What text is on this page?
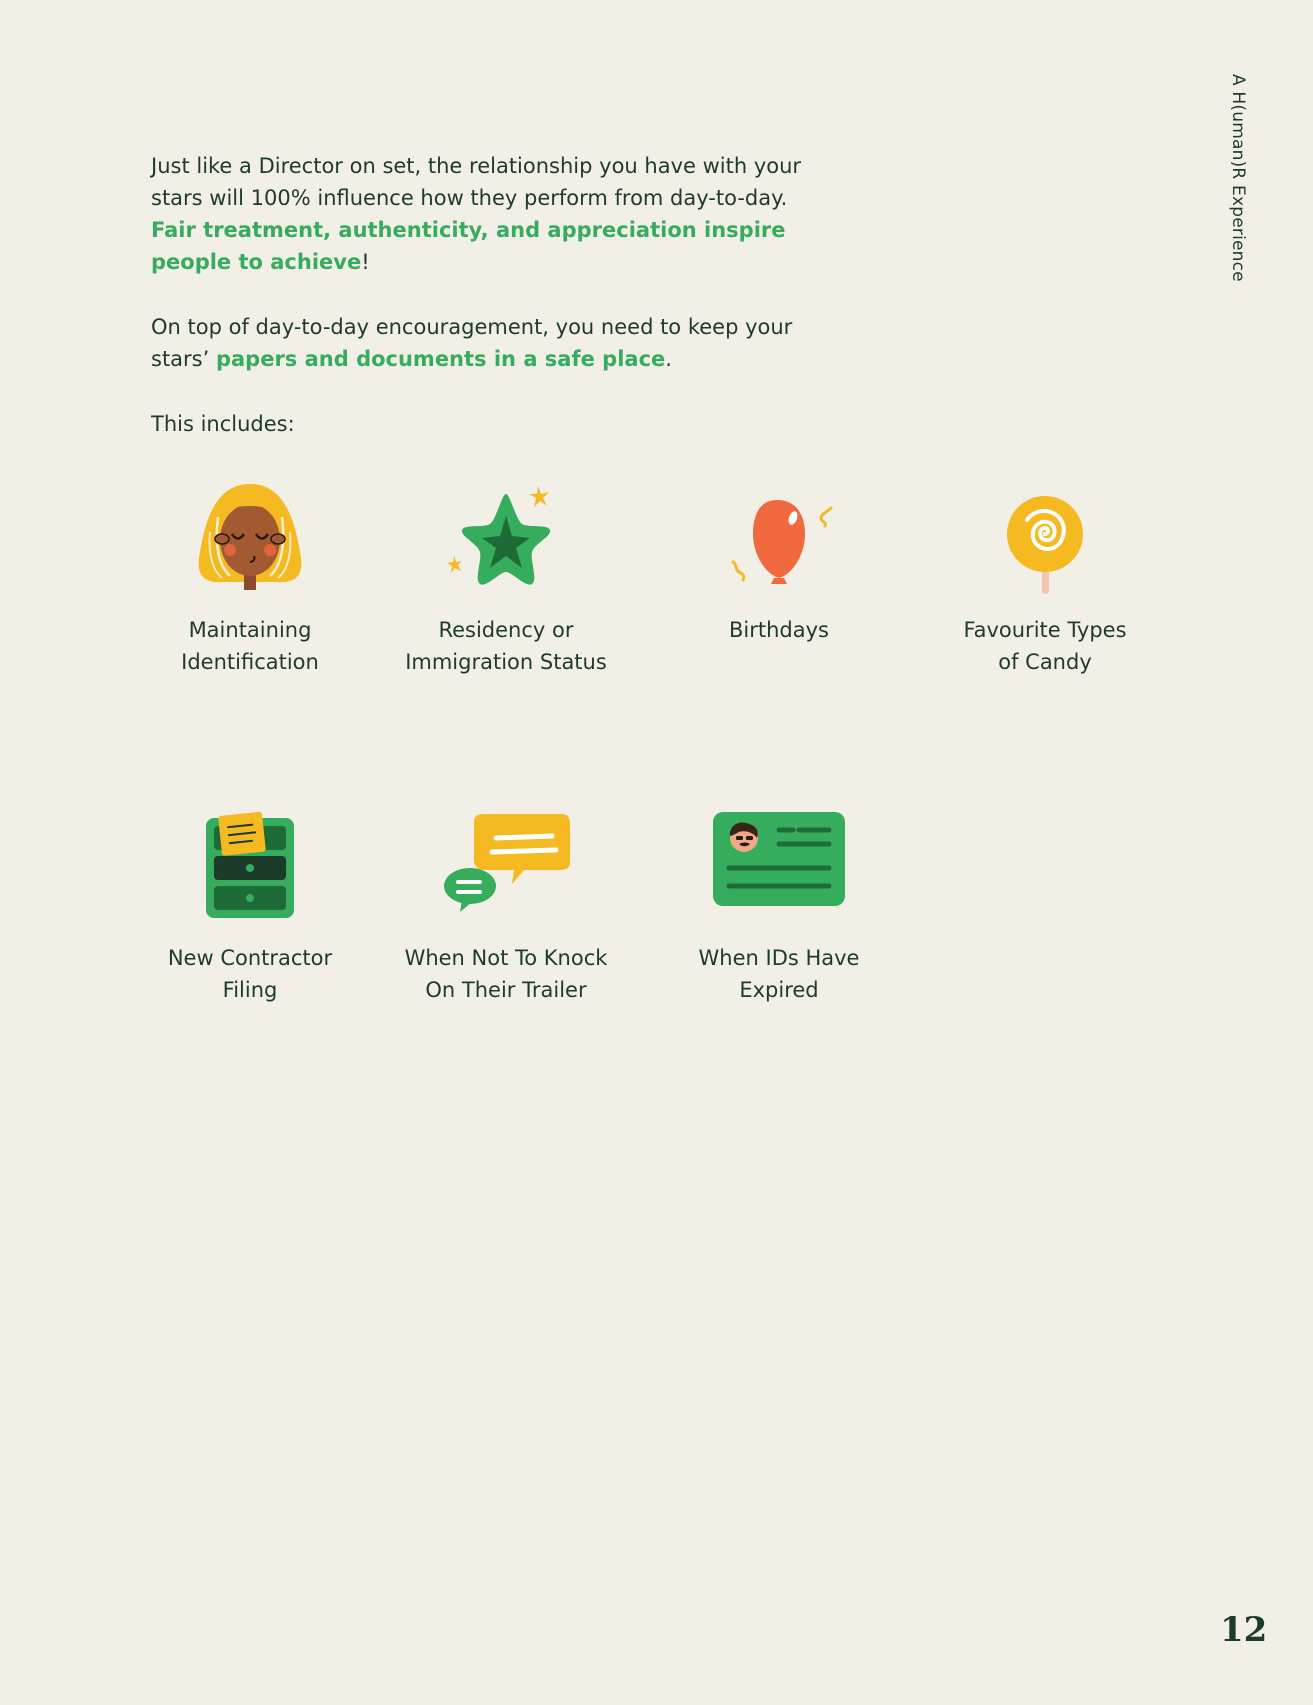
A H(uman)R Experience

Just like a Director on set, the relationship you have with your stars will 100% influence how they perform from day-to-day. Fair treatment, authenticity, and appreciation inspire people to achieve!

On top of day-to-day encouragement, you need to keep your stars’ papers and documents in a safe place.

This includes:

Maintaining
Identification
Residency or
Immigration Status
Birthdays	Favourite Types
of Candy
New Contractor
Filing
When Not To Knock
On Their Trailer
When IDs Have
Expired
12
